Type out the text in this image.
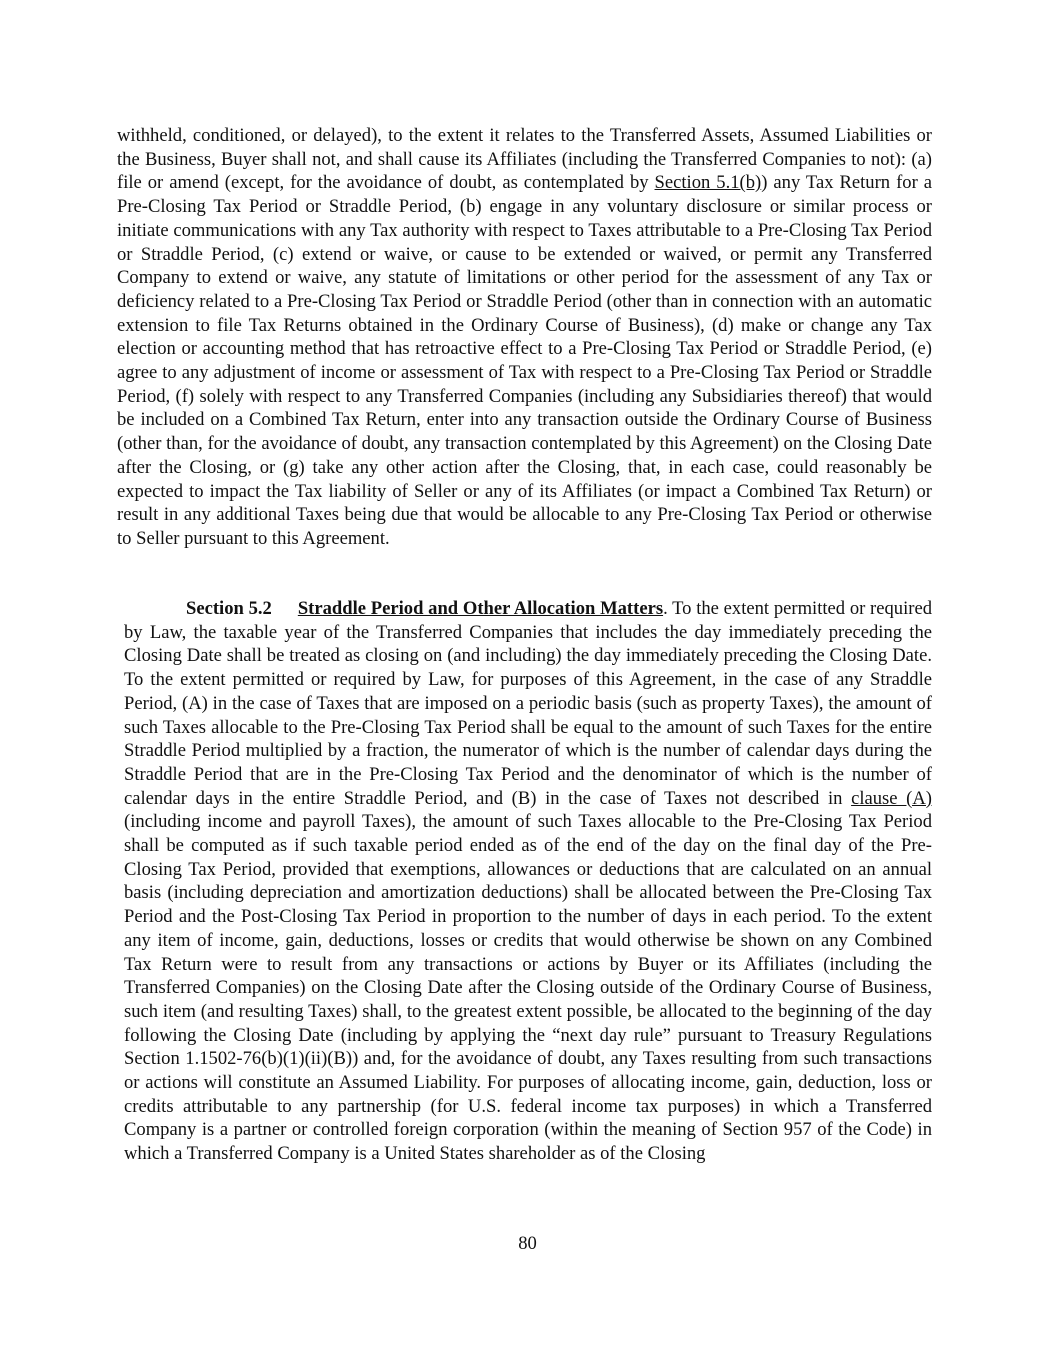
withheld, conditioned, or delayed), to the extent it relates to the Transferred Assets, Assumed Liabilities or the Business, Buyer shall not, and shall cause its Affiliates (including the Transferred Companies to not): (a) file or amend (except, for the avoidance of doubt, as contemplated by Section 5.1(b)) any Tax Return for a Pre-Closing Tax Period or Straddle Period, (b) engage in any voluntary disclosure or similar process or initiate communications with any Tax authority with respect to Taxes attributable to a Pre-Closing Tax Period or Straddle Period, (c) extend or waive, or cause to be extended or waived, or permit any Transferred Company to extend or waive, any statute of limitations or other period for the assessment of any Tax or deficiency related to a Pre-Closing Tax Period or Straddle Period (other than in connection with an automatic extension to file Tax Returns obtained in the Ordinary Course of Business), (d) make or change any Tax election or accounting method that has retroactive effect to a Pre-Closing Tax Period or Straddle Period, (e) agree to any adjustment of income or assessment of Tax with respect to a Pre-Closing Tax Period or Straddle Period, (f) solely with respect to any Transferred Companies (including any Subsidiaries thereof) that would be included on a Combined Tax Return, enter into any transaction outside the Ordinary Course of Business (other than, for the avoidance of doubt, any transaction contemplated by this Agreement) on the Closing Date after the Closing, or (g) take any other action after the Closing, that, in each case, could reasonably be expected to impact the Tax liability of Seller or any of its Affiliates (or impact a Combined Tax Return) or result in any additional Taxes being due that would be allocable to any Pre-Closing Tax Period or otherwise to Seller pursuant to this Agreement.

Section 5.2 Straddle Period and Other Allocation Matters. To the extent permitted or required by Law, the taxable year of the Transferred Companies that includes the day immediately preceding the Closing Date shall be treated as closing on (and including) the day immediately preceding the Closing Date. To the extent permitted or required by Law, for purposes of this Agreement, in the case of any Straddle Period, (A) in the case of Taxes that are imposed on a periodic basis (such as property Taxes), the amount of such Taxes allocable to the Pre-Closing Tax Period shall be equal to the amount of such Taxes for the entire Straddle Period multiplied by a fraction, the numerator of which is the number of calendar days during the Straddle Period that are in the Pre-Closing Tax Period and the denominator of which is the number of calendar days in the entire Straddle Period, and (B) in the case of Taxes not described in clause (A) (including income and payroll Taxes), the amount of such Taxes allocable to the Pre-Closing Tax Period shall be computed as if such taxable period ended as of the end of the day on the final day of the Pre-Closing Tax Period, provided that exemptions, allowances or deductions that are calculated on an annual basis (including depreciation and amortization deductions) shall be allocated between the Pre-Closing Tax Period and the Post-Closing Tax Period in proportion to the number of days in each period. To the extent any item of income, gain, deductions, losses or credits that would otherwise be shown on any Combined Tax Return were to result from any transactions or actions by Buyer or its Affiliates (including the Transferred Companies) on the Closing Date after the Closing outside of the Ordinary Course of Business, such item (and resulting Taxes) shall, to the greatest extent possible, be allocated to the beginning of the day following the Closing Date (including by applying the “next day rule” pursuant to Treasury Regulations Section 1.1502-76(b)(1)(ii)(B)) and, for the avoidance of doubt, any Taxes resulting from such transactions or actions will constitute an Assumed Liability. For purposes of allocating income, gain, deduction, loss or credits attributable to any partnership (for U.S. federal income tax purposes) in which a Transferred Company is a partner or controlled foreign corporation (within the meaning of Section 957 of the Code) in which a Transferred Company is a United States shareholder as of the Closing

80
